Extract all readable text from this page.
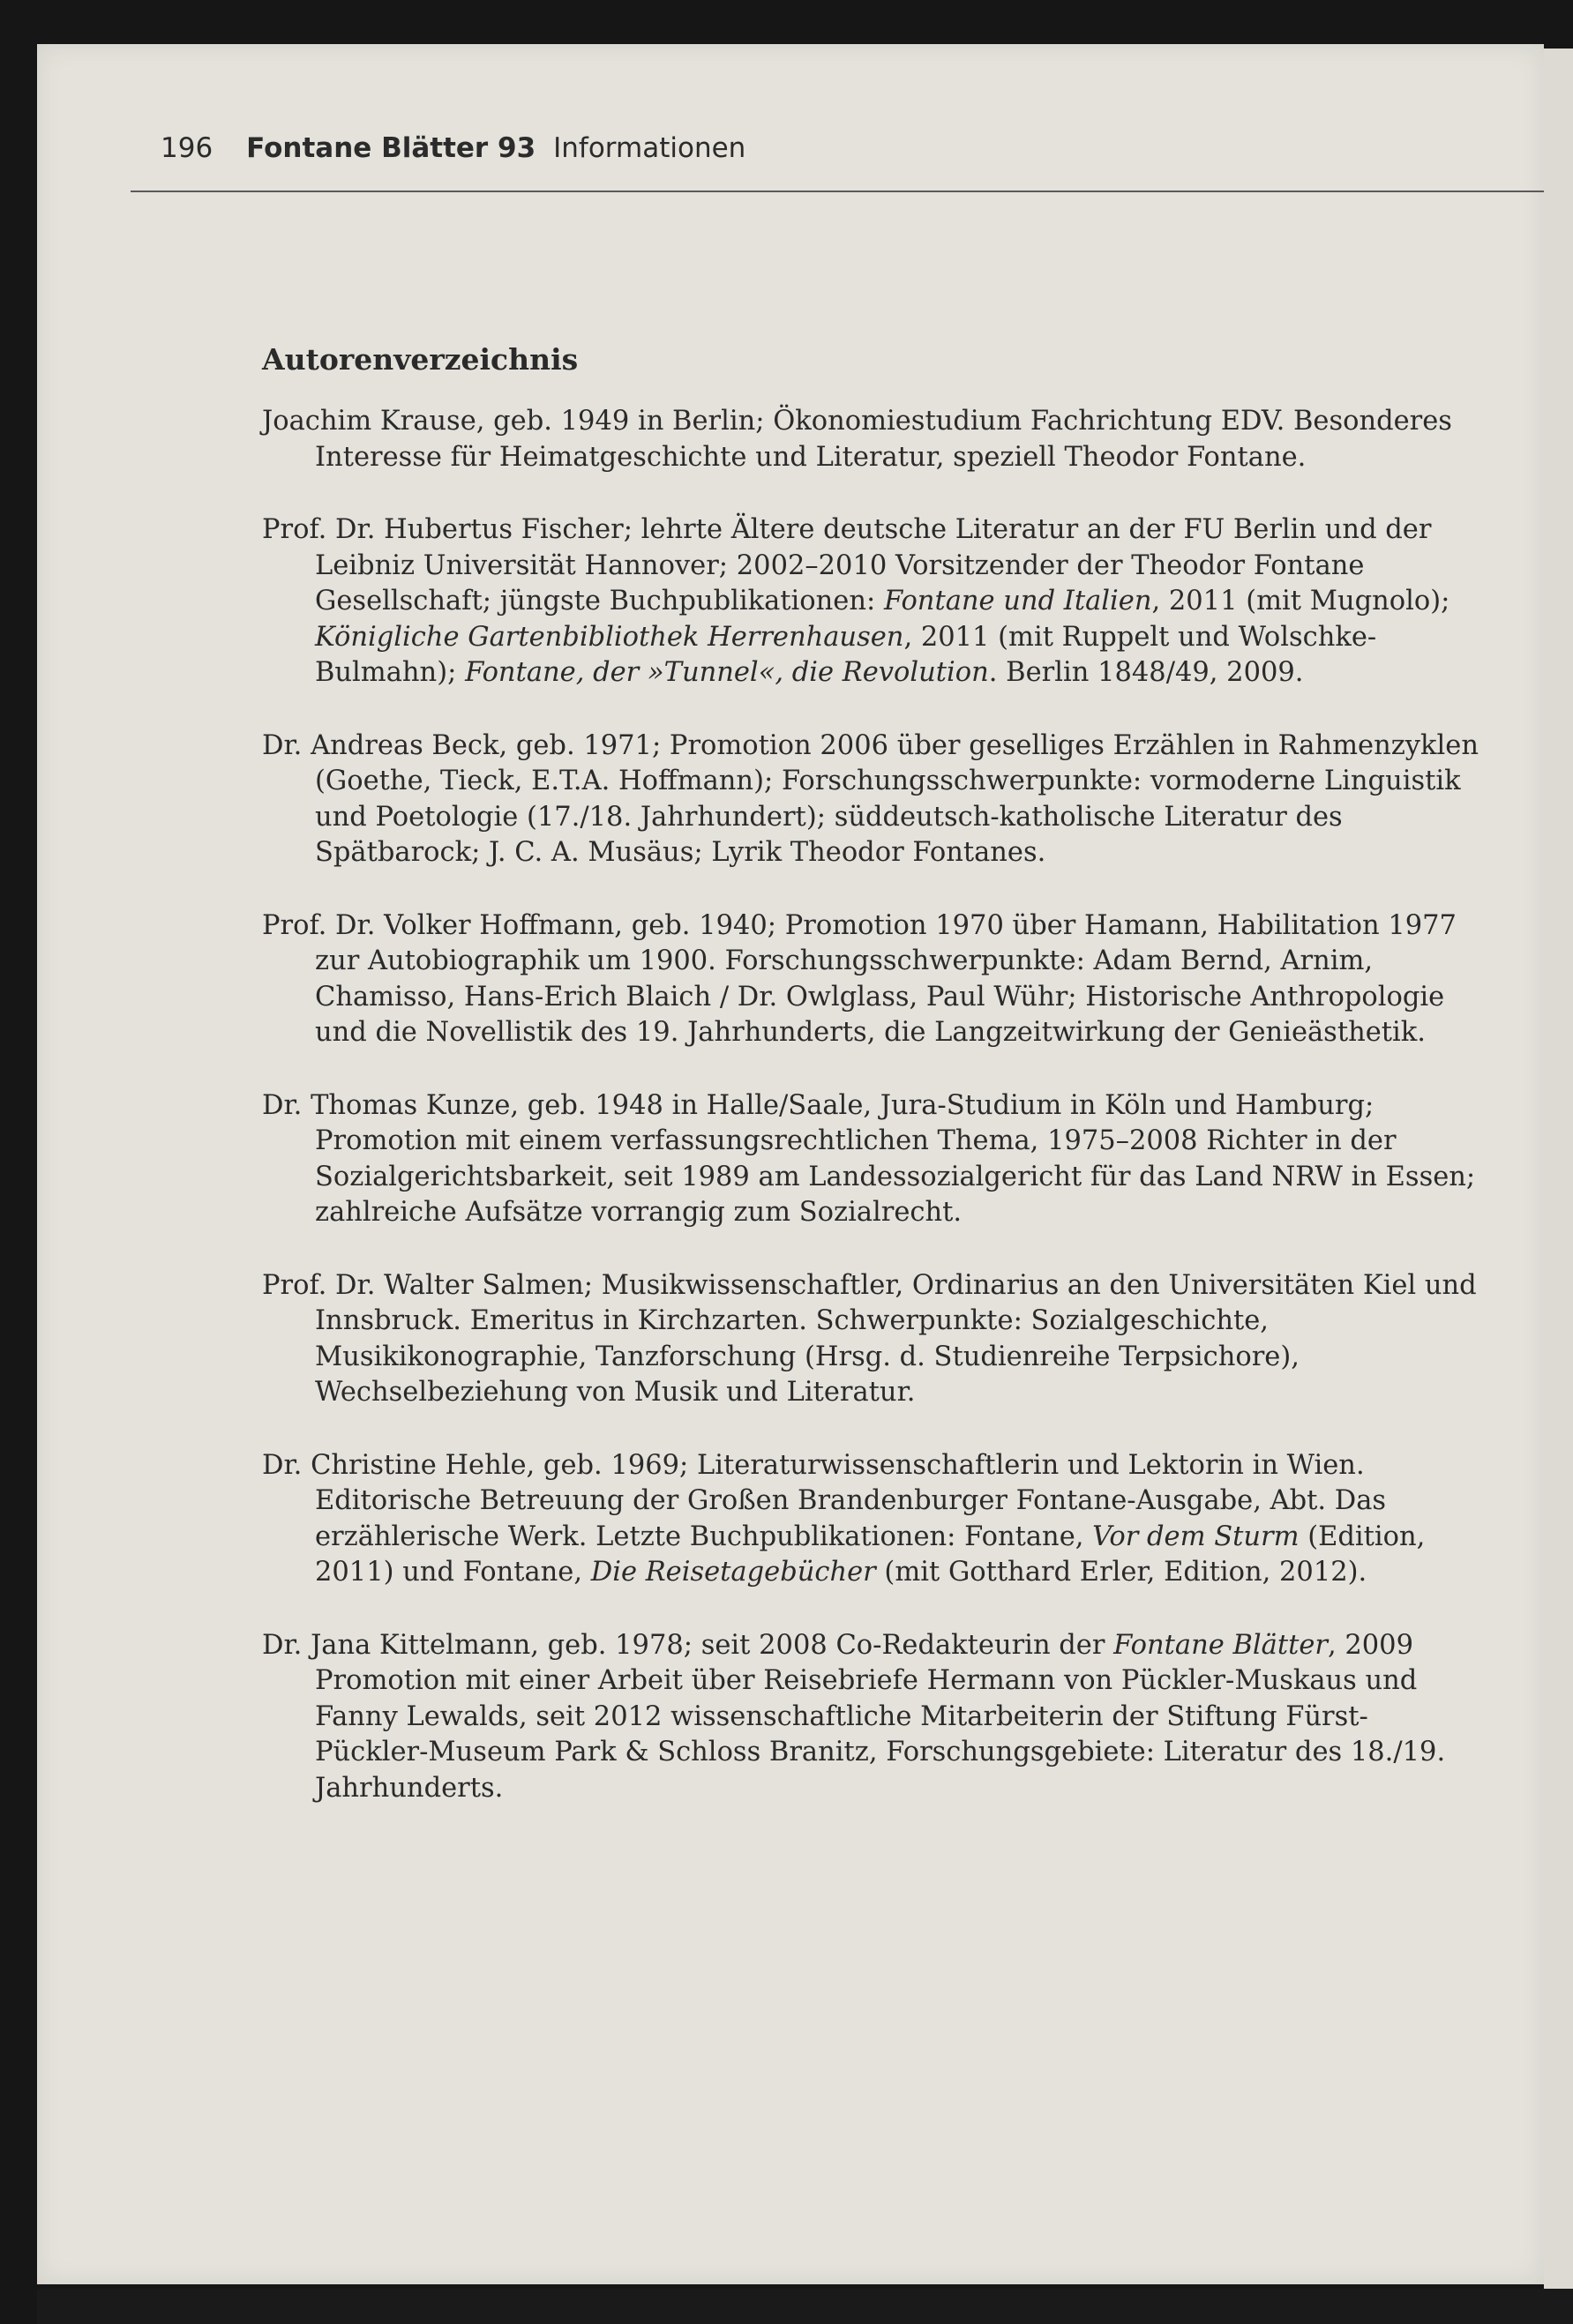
196 Fontane Blätter 93 Informationen
Autorenverzeichnis

Joachim Krause, geb. 1949 in Berlin; Ökonomiestudium Fachrichtung EDV. Besonderes Interesse für Heimatgeschichte und Literatur, speziell Theodor Fontane.

Prof. Dr. Hubertus Fischer; lehrte Ältere deutsche Literatur an der FU Berlin und der Leibniz Universität Hannover; 2002–2010 Vorsitzender der Theodor Fontane Gesellschaft; jüngste Buchpublikationen: Fontane und Italien, 2011 (mit Mugnolo); Königliche Gartenbibliothek Herrenhausen, 2011 (mit Ruppelt und Wolschke-Bulmahn); Fontane, der »Tunnel«, die Revolution. Berlin 1848/49, 2009.

Dr. Andreas Beck, geb. 1971; Promotion 2006 über geselliges Erzählen in Rahmenzyklen (Goethe, Tieck, E.T.A. Hoffmann); Forschungsschwerpunkte: vormoderne Linguistik und Poetologie (17./18. Jahrhundert); süddeutsch-katholische Literatur des Spätbarock; J. C. A. Musäus; Lyrik Theodor Fontanes.

Prof. Dr. Volker Hoffmann, geb. 1940; Promotion 1970 über Hamann, Habilitation 1977 zur Autobiographik um 1900. Forschungsschwerpunkte: Adam Bernd, Arnim, Chamisso, Hans-Erich Blaich / Dr. Owlglass, Paul Wühr; Historische Anthropologie und die Novellistik des 19. Jahrhunderts, die Langzeitwirkung der Genieästhetik.

Dr. Thomas Kunze, geb. 1948 in Halle/Saale, Jura-Studium in Köln und Hamburg; Promotion mit einem verfassungsrechtlichen Thema, 1975–2008 Richter in der Sozialgerichtsbarkeit, seit 1989 am Landessozialgericht für das Land NRW in Essen; zahlreiche Aufsätze vorrangig zum Sozialrecht.

Prof. Dr. Walter Salmen; Musikwissenschaftler, Ordinarius an den Universitäten Kiel und Innsbruck. Emeritus in Kirchzarten. Schwerpunkte: Sozialgeschichte, Musikikonographie, Tanzforschung (Hrsg. d. Studienreihe Terpsichore), Wechselbeziehung von Musik und Literatur.

Dr. Christine Hehle, geb. 1969; Literaturwissenschaftlerin und Lektorin in Wien. Editorische Betreuung der Großen Brandenburger Fontane-Ausgabe, Abt. Das erzählerische Werk. Letzte Buchpublikationen: Fontane, Vor dem Sturm (Edition, 2011) und Fontane, Die Reisetagebücher (mit Gotthard Erler, Edition, 2012).

Dr. Jana Kittelmann, geb. 1978; seit 2008 Co-Redakteurin der Fontane Blätter, 2009 Promotion mit einer Arbeit über Reisebriefe Hermann von Pückler-Muskaus und Fanny Lewalds, seit 2012 wissenschaftliche Mitarbeiterin der Stiftung Fürst-Pückler-Museum Park & Schloss Branitz, Forschungsgebiete: Literatur des 18./19. Jahrhunderts.
